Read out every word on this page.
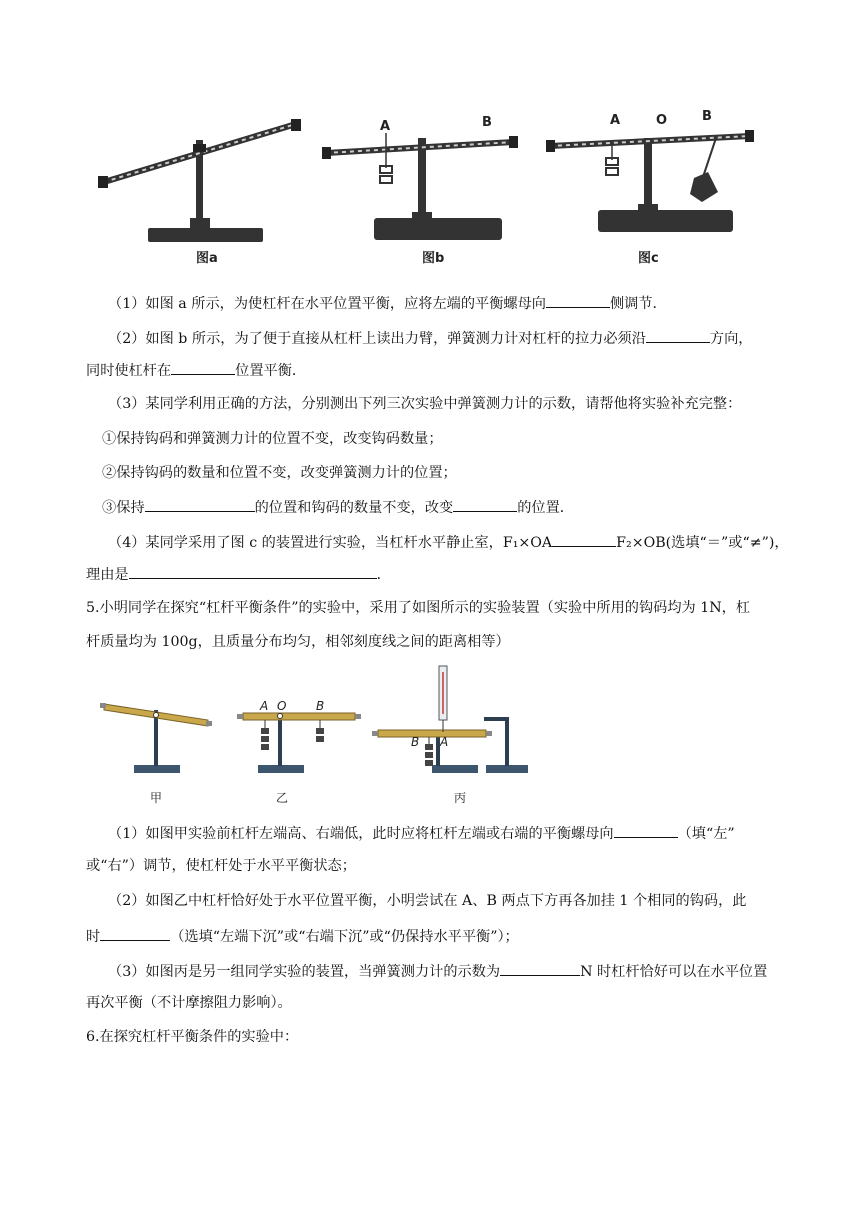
图a
A	B
图b
A	O	B
图c
（1）如图 a 所示，为使杠杆在水平位置平衡，应将左端的平衡螺母向	侧调节．
（2）如图 b 所示，为了便于直接从杠杆上读出力臂，弹簧测力计对杠杆的拉力必须沿	方向，
同时使杠杆在	位置平衡．
（3）某同学利用正确的方法，分别测出下列三次实验中弹簧测力计的示数，请帮他将实验补充完整：
①保持钩码和弹簧测力计的位置不变，改变钩码数量；
②保持钩码的数量和位置不变，改变弹簧测力计的位置；
③保持	的位置和钩码的数量不变，改变	的位置．
（4）某同学采用了图 c 的装置进行实验，当杠杆水平静止室，F₁×OA	F₂×OB(选填“＝”或“≠”)，
理由是	．
5.小明同学在探究“杠杆平衡条件”的实验中，采用了如图所示的实验装置（实验中所用的钩码均为 1N，杠
杆质量均为 100g，且质量分布均匀，相邻刻度线之间的距离相等）
甲
A O B
乙
B A
丙
（1）如图甲实验前杠杆左端高、右端低，此时应将杠杆左端或右端的平衡螺母向	（填“左”
或“右”）调节，使杠杆处于水平平衡状态；
（2）如图乙中杠杆恰好处于水平位置平衡，小明尝试在 A、B 两点下方再各加挂 1 个相同的钩码，此
时	（选填“左端下沉”或“右端下沉”或“仍保持水平平衡”）；
（3）如图丙是另一组同学实验的装置，当弹簧测力计的示数为	N 时杠杆恰好可以在水平位置
再次平衡（不计摩擦阻力影响）。
6.在探究杠杆平衡条件的实验中：
